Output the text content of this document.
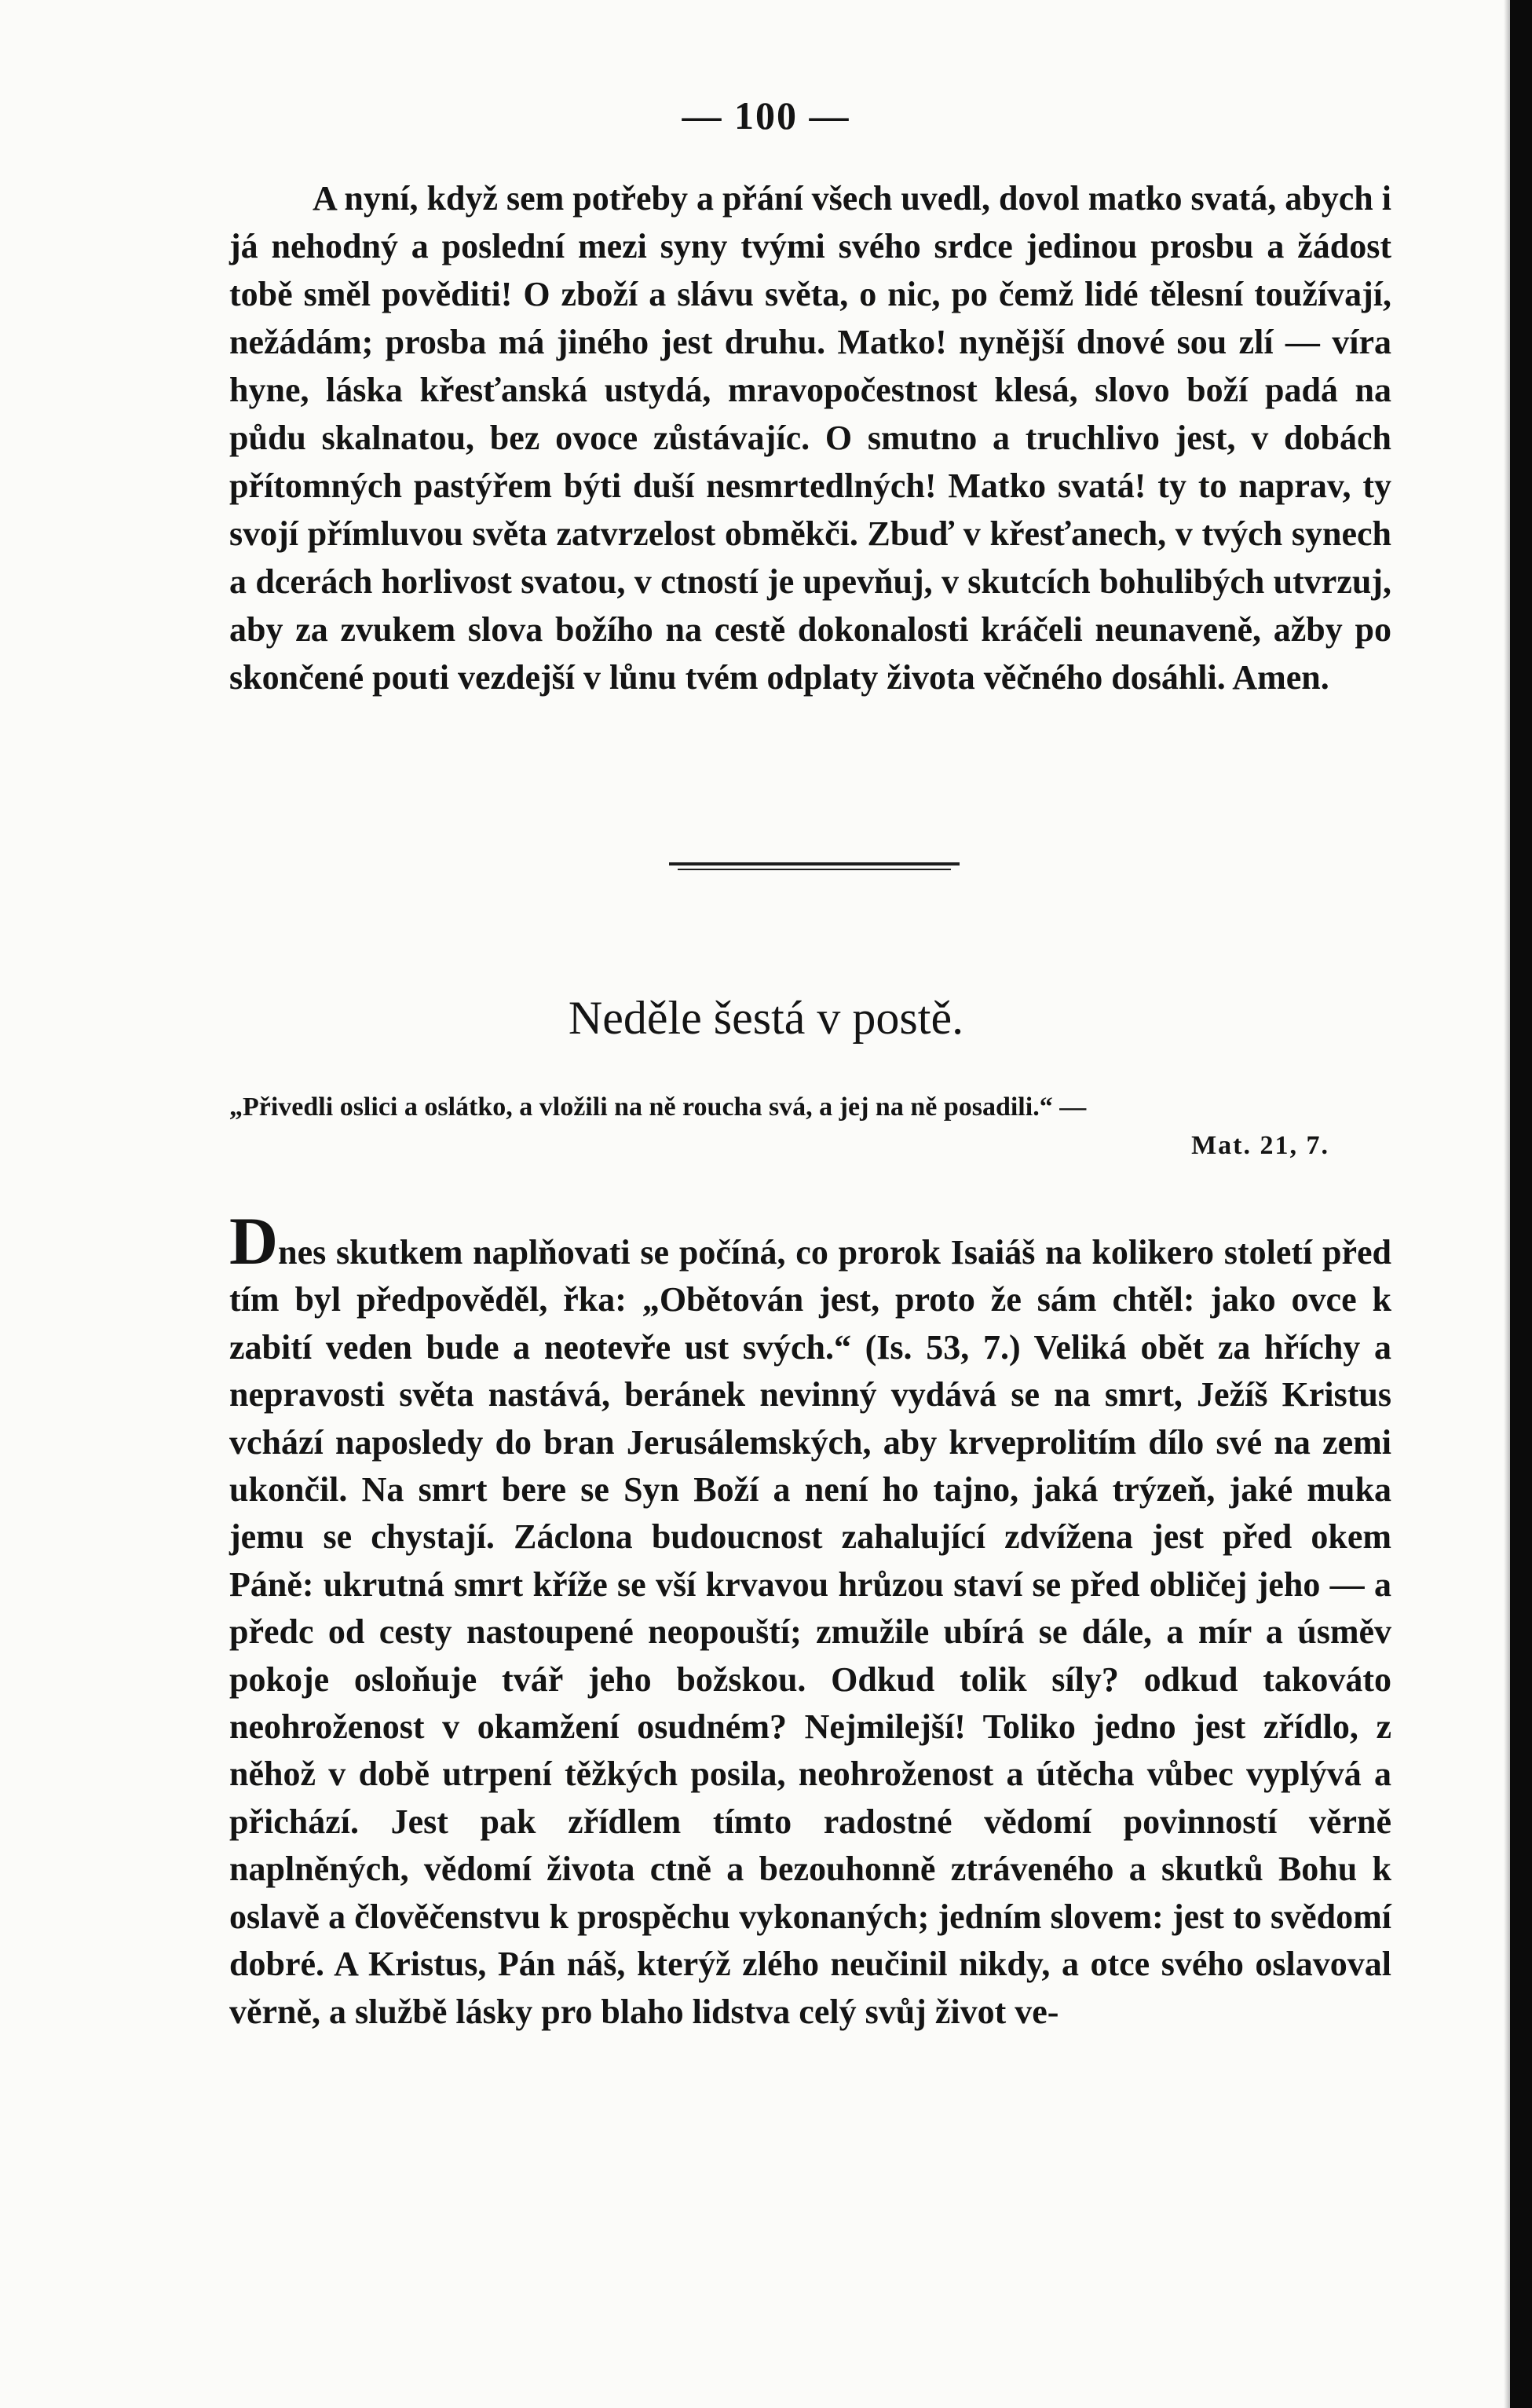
— 100 —

A nyní, když sem potřeby a přání všech uvedl, dovol matko svatá, abych i já nehodný a poslední mezi syny tvými svého srdce jedinou prosbu a žádost tobě směl pověditi! O zboží a slávu světa, o nic, po čemž lidé tělesní toužívají, nežádám; prosba má jiného jest druhu. Matko! nynější dnové sou zlí — víra hyne, láska křesťanská ustydá, mravopočestnost klesá, slovo boží padá na půdu skalnatou, bez ovoce zůstávajíc. O smutno a truchlivo jest, v dobách přítomných pastýřem býti duší nesmrtedlných! Matko svatá! ty to naprav, ty svojí přímluvou světa zatvrzelost obměkči. Zbuď v křesťanech, v tvých synech a dcerách horlivost svatou, v ctností je upevňuj, v skutcích bohulibých utvrzuj, aby za zvukem slova božího na cestě dokonalosti kráčeli neunaveně, ažby po skončené pouti vezdejší v lůnu tvém odplaty života věčného dosáhli. Amen.

Neděle šestá v postě.

„Přivedli oslici a oslátko, a vložili na ně roucha svá, a jej na ně posadili.“ —

Mat. 21, 7.

Dnes skutkem naplňovati se počíná, co prorok Isaiáš na kolikero století před tím byl předpověděl, řka: „Obětován jest, proto že sám chtěl: jako ovce k zabití veden bude a neotevře ust svých.“ (Is. 53, 7.) Veliká obět za hříchy a nepravosti světa nastává, beránek nevinný vydává se na smrt, Ježíš Kristus vchází naposledy do bran Jerusálemských, aby krveprolitím dílo své na zemi ukončil. Na smrt bere se Syn Boží a není ho tajno, jaká trýzeň, jaké muka jemu se chystají. Záclona budoucnost zahalující zdvížena jest před okem Páně: ukrutná smrt kříže se vší krvavou hrůzou staví se před obličej jeho — a předc od cesty nastoupené neopouští; zmužile ubírá se dále, a mír a úsměv pokoje osloňuje tvář jeho božskou. Odkud tolik síly? odkud takováto neohroženost v okamžení osudném? Nejmilejší! Toliko jedno jest zřídlo, z něhož v době utrpení těžkých posila, neohroženost a útěcha vůbec vyplývá a přichází. Jest pak zřídlem tímto radostné vědomí povinností věrně naplněných, vědomí života ctně a bezouhonně ztráveného a skutků Bohu k oslavě a člověčenstvu k prospěchu vykonaných; jedním slovem: jest to svědomí dobré. A Kristus, Pán náš, kterýž zlého neučinil nikdy, a otce svého oslavoval věrně, a službě lásky pro blaho lidstva celý svůj život ve-
